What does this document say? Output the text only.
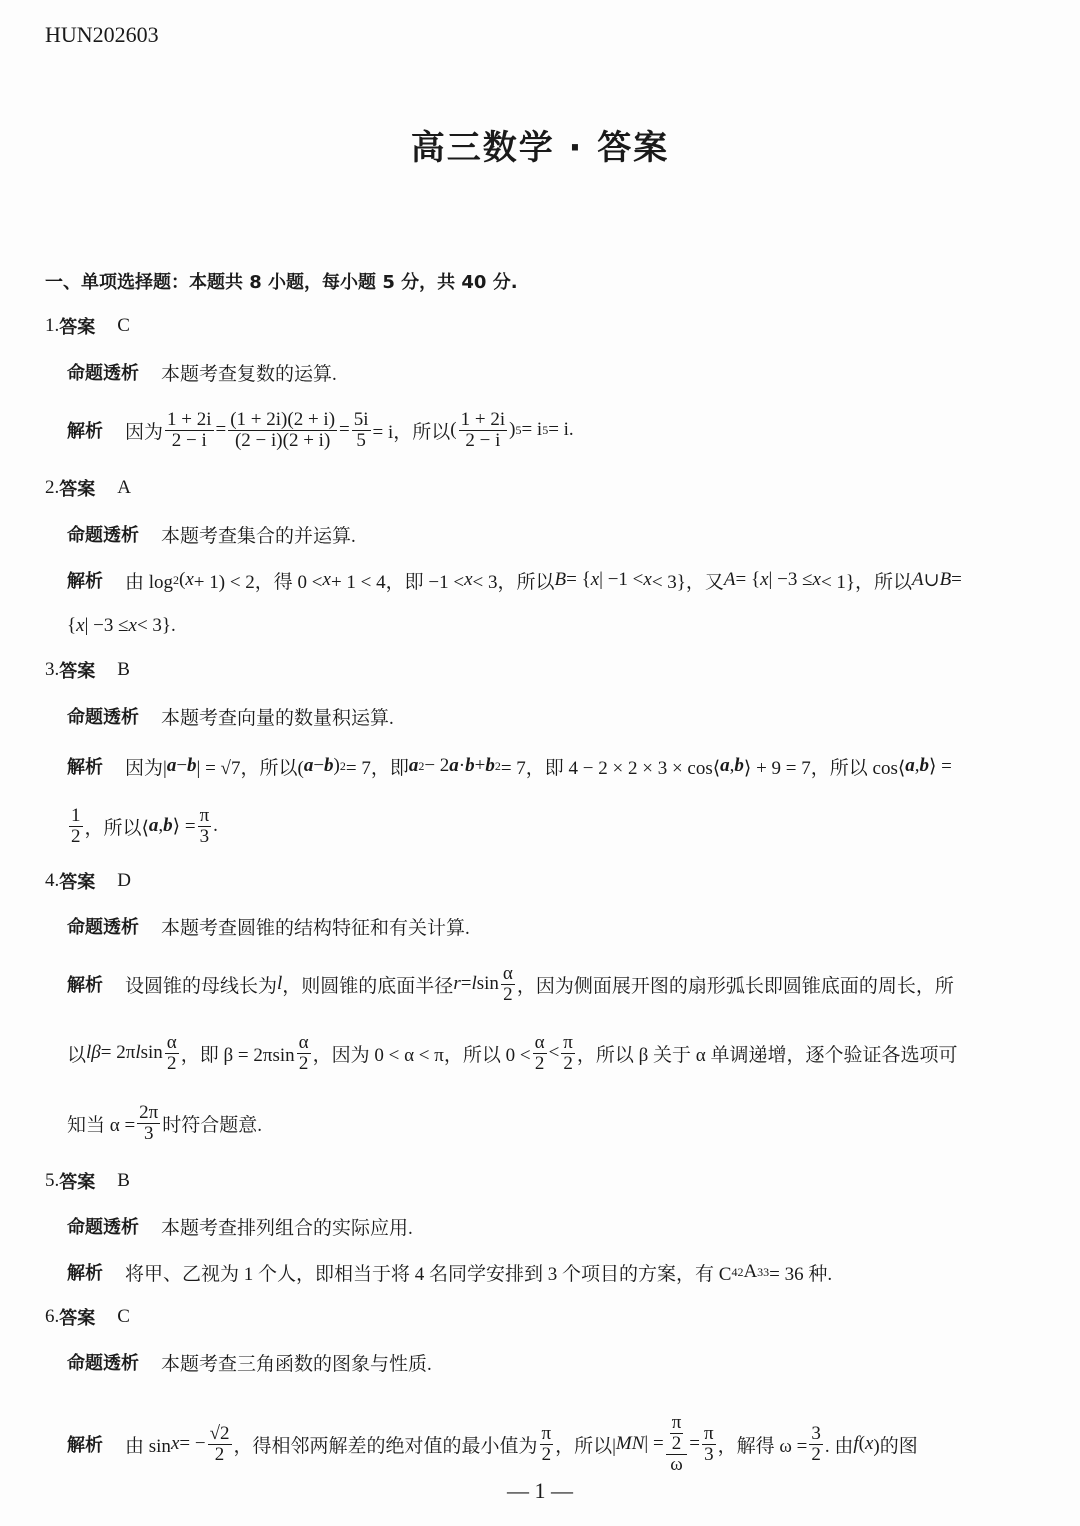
HUN202603
高三数学 · 答案
一、单项选择题：本题共 8 小题，每小题 5 分，共 40 分.
1. 答案 C
命题透析 本题考查复数的运算.
解析 因为 $\frac{1 + 2i}{2 - i} = \frac{(1 + 2i)(2 + i)}{(2 - i)(2 + i)} = \frac{5i}{5} = i$，所以 ( $\frac{1 + 2i}{2 - i}$ ) 5 = i 5 = i.
2. 答案 A
命题透析 本题考查集合的并运算.
解析 由 log 2 ( x + 1) < 2，得 0 < x + 1 < 4，即 −1 < x < 3，所以 B = { x | −1 < x < 3}，又 A = { x | −3 ≤ x < 1}，所以 A ∪ B =
{ x | −3 ≤ x < 3}.
3. 答案 B
命题透析 本题考查向量的数量积运算.
解析 因为| a − b | = √7，所以( a − b ) 2 = 7，即 a 2 − 2 a · b + b 2 = 7，即 4 − 2 × 2 × 3 × cos⟨ a , b ⟩ + 9 = 7，所以 cos⟨ a , b ⟩ =
$\frac{1}{2}$ ，所以⟨ a , b ⟩ = $\frac{\pi}{3}$ .
4. 答案 D
命题透析 本题考查圆锥的结构特征和有关计算.
解析 设圆锥的母线长为 l ，则圆锥的底面半径 r = l $\sin \frac{\alpha}{2}$ ，因为侧面展开图的扇形弧长即圆锥底面的周长，所
以 lβ = 2π l $\sin \frac{\alpha}{2}$ ，即 $\beta = 2\pi\sin \frac{\alpha}{2}$ ，因为 0 < α < π，所以 $0 < \frac{\alpha}{2} < \frac{\pi}{2}$ ，所以 β 关于 α 单调递增，逐个验证各选项可
知当 $\alpha = \frac{2\pi}{3}$ 时符合题意.
5. 答案 B
命题透析 本题考查排列组合的实际应用.
解析 将甲、乙视为 1 个人，即相当于将 4 名同学安排到 3 个项目的方案，有 C 4 2 A 3 3 = 36 种.
6. 答案 C
命题透析 本题考查三角函数的图象与性质.
解析 由 sin x = − $\frac{√2}{2}$ ，得相邻两解差的绝对值的最小值为 $\frac{\pi}{2}$ ，所以| MN | = $\frac{\frac{\pi}{2}}{\omega} = \frac{\pi}{3}$ ，解得 $\omega = \frac{3}{2}$ . 由 f ( x )的图
— 1 —
